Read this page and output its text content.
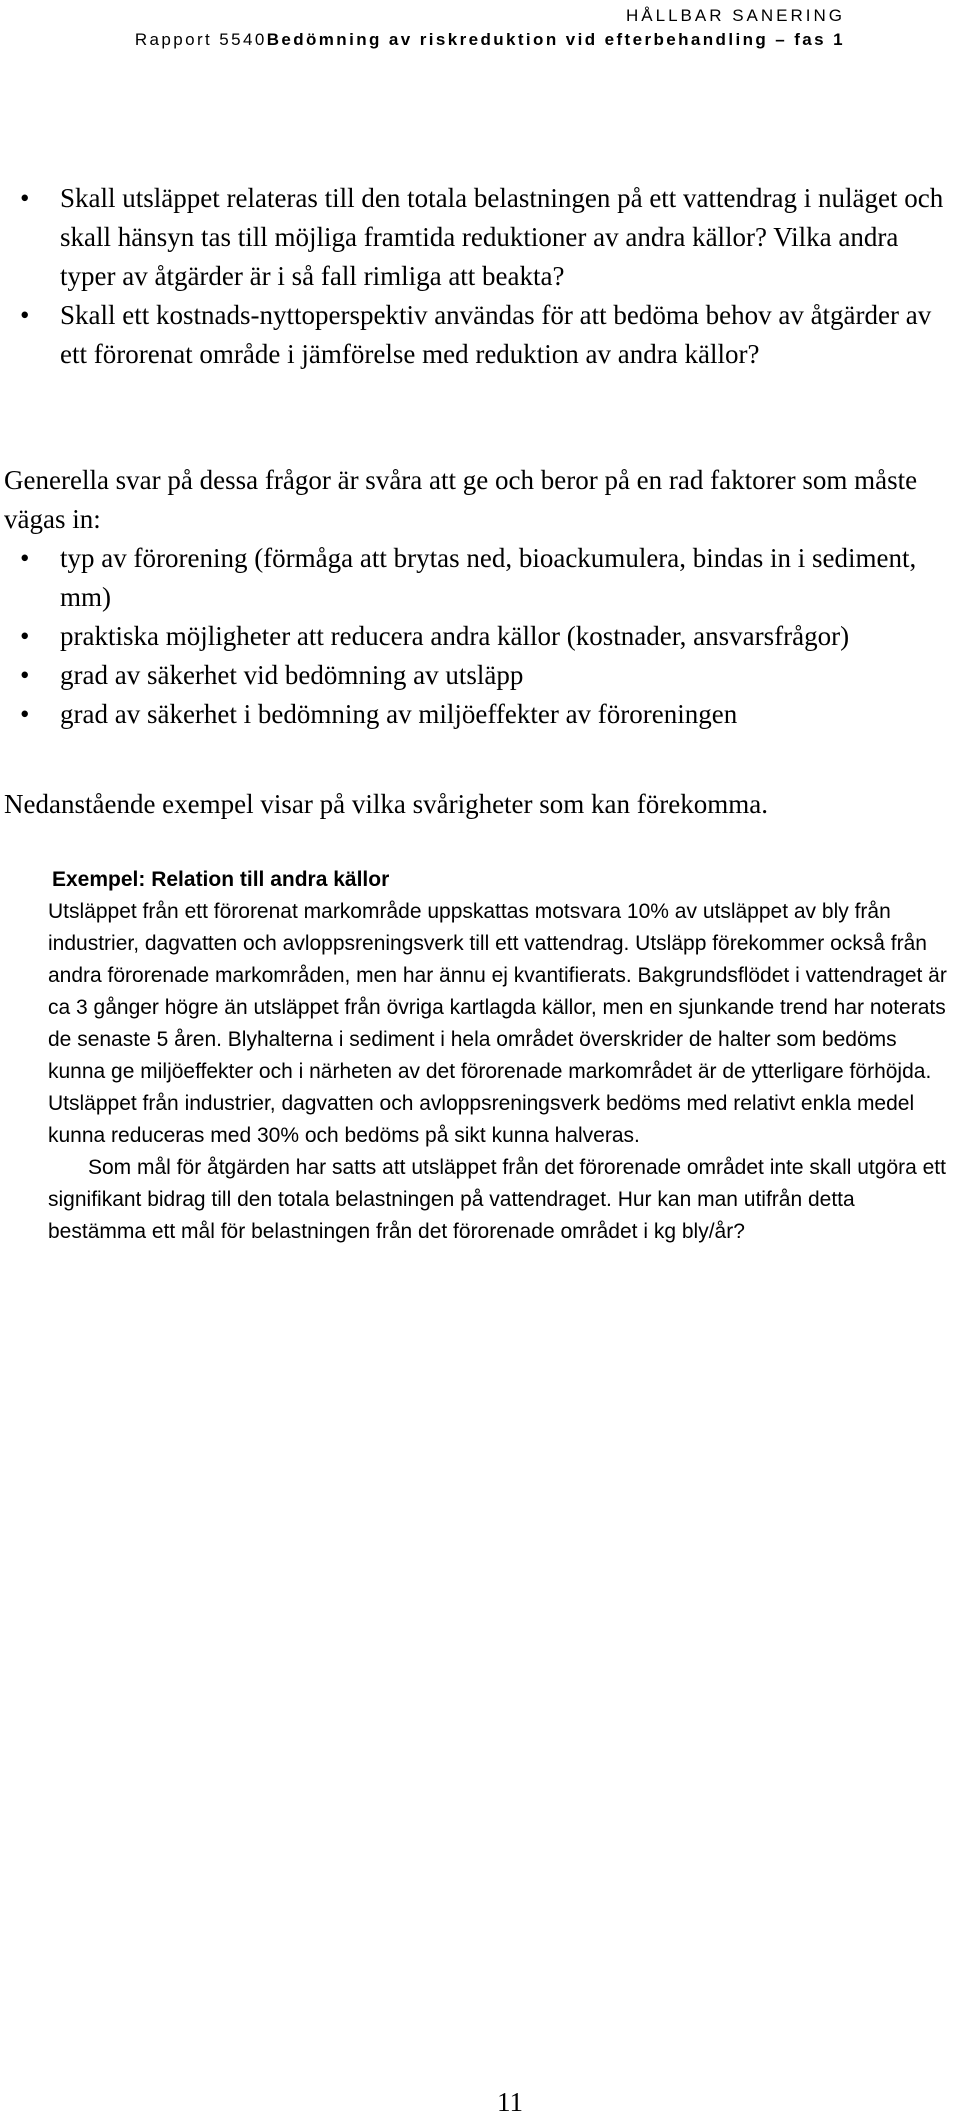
HÅLLBAR SANERING
Rapport 5540Bedömning av riskreduktion vid efterbehandling – fas 1
• Skall utsläppet relateras till den totala belastningen på ett vattendrag i nuläget och skall hänsyn tas till möjliga framtida reduktioner av andra källor? Vilka andra typer av åtgärder är i så fall rimliga att beakta?
• Skall ett kostnads-nyttoperspektiv användas för att bedöma behov av åtgärder av ett förorenat område i jämförelse med reduktion av andra källor?

Generella svar på dessa frågor är svåra att ge och beror på en rad faktorer som måste vägas in:

• typ av förorening (förmåga att brytas ned, bioackumulera, bindas in i sediment, mm)
• praktiska möjligheter att reducera andra källor (kostnader, ansvarsfrågor)
• grad av säkerhet vid bedömning av utsläpp
• grad av säkerhet i bedömning av miljöeffekter av föroreningen

Nedanstående exempel visar på vilka svårigheter som kan förekomma.

Exempel: Relation till andra källor

Utsläppet från ett förorenat markområde uppskattas motsvara 10% av utsläppet av bly från industrier, dagvatten och avloppsreningsverk till ett vattendrag. Utsläpp förekommer också från andra förorenade markområden, men har ännu ej kvantifierats. Bakgrundsflödet i vattendraget är ca 3 gånger högre än utsläppet från övriga kartlagda källor, men en sjunkande trend har noterats de senaste 5 åren. Blyhalterna i sediment i hela området överskrider de halter som bedöms kunna ge miljöeffekter och i närheten av det förorenade markområdet är de ytterligare förhöjda. Utsläppet från industrier, dagvatten och avloppsreningsverk bedöms med relativt enkla medel kunna reduceras med 30% och bedöms på sikt kunna halveras.

Som mål för åtgärden har satts att utsläppet från det förorenade området inte skall utgöra ett signifikant bidrag till den totala belastningen på vattendraget. Hur kan man utifrån detta bestämma ett mål för belastningen från det förorenade området i kg bly/år?

11
